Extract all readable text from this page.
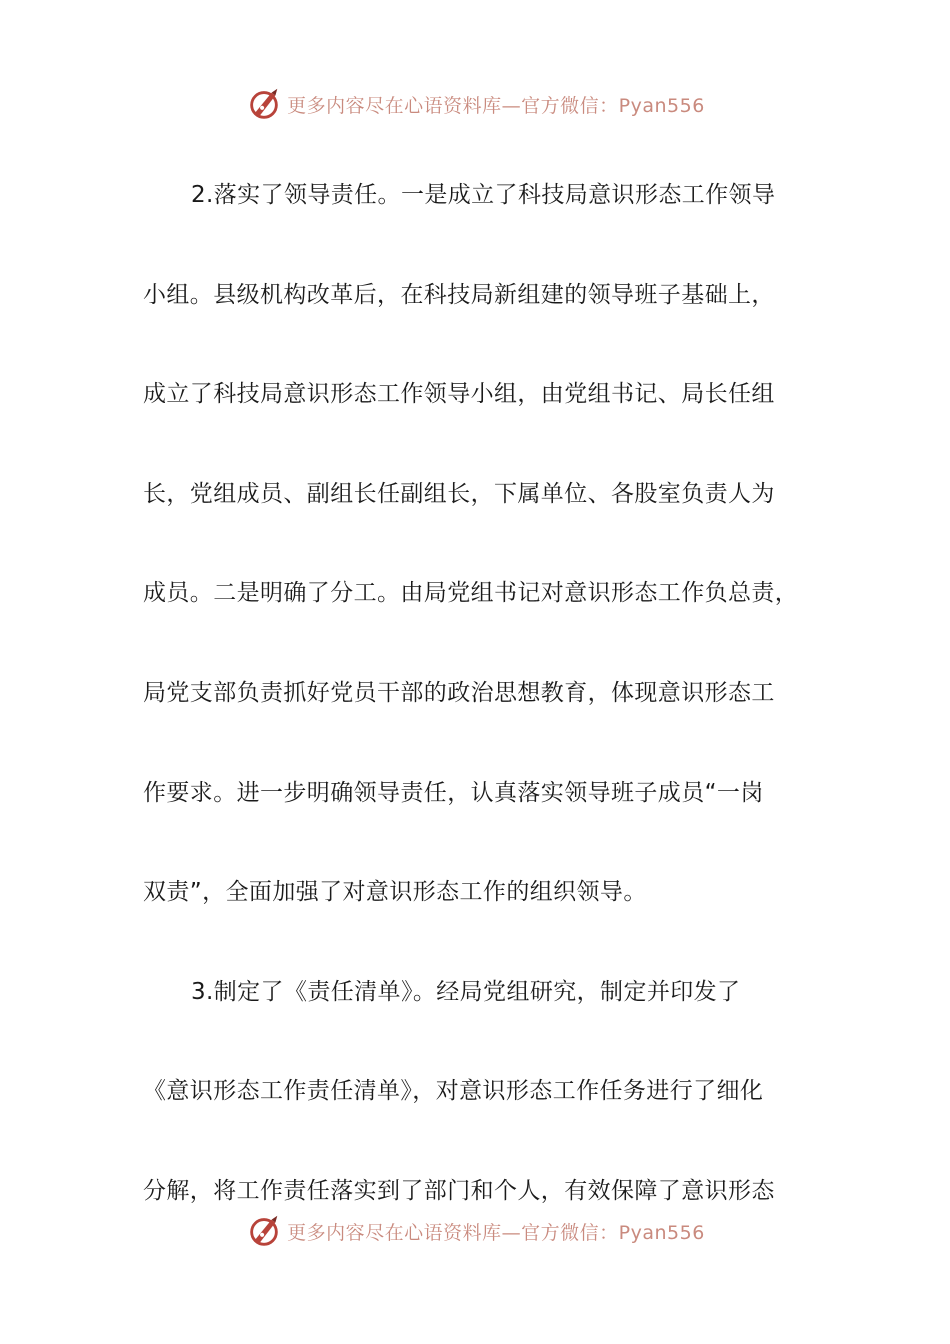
更多内容尽在心语资料库—官方微信：Pyan556

2.落实了领导责任。一是成立了科技局意识形态工作领导
小组。县级机构改革后，在科技局新组建的领导班子基础上，
成立了科技局意识形态工作领导小组，由党组书记、局长任组
长，党组成员、副组长任副组长，下属单位、各股室负责人为
成员。二是明确了分工。由局党组书记对意识形态工作负总责，
局党支部负责抓好党员干部的政治思想教育，体现意识形态工
作要求。进一步明确领导责任，认真落实领导班子成员“一岗
双责”，全面加强了对意识形态工作的组织领导。

3.制定了《责任清单》。经局党组研究，制定并印发了
《意识形态工作责任清单》，对意识形态工作任务进行了细化
分解，将工作责任落实到了部门和个人，有效保障了意识形态

更多内容尽在心语资料库—官方微信：Pyan556
